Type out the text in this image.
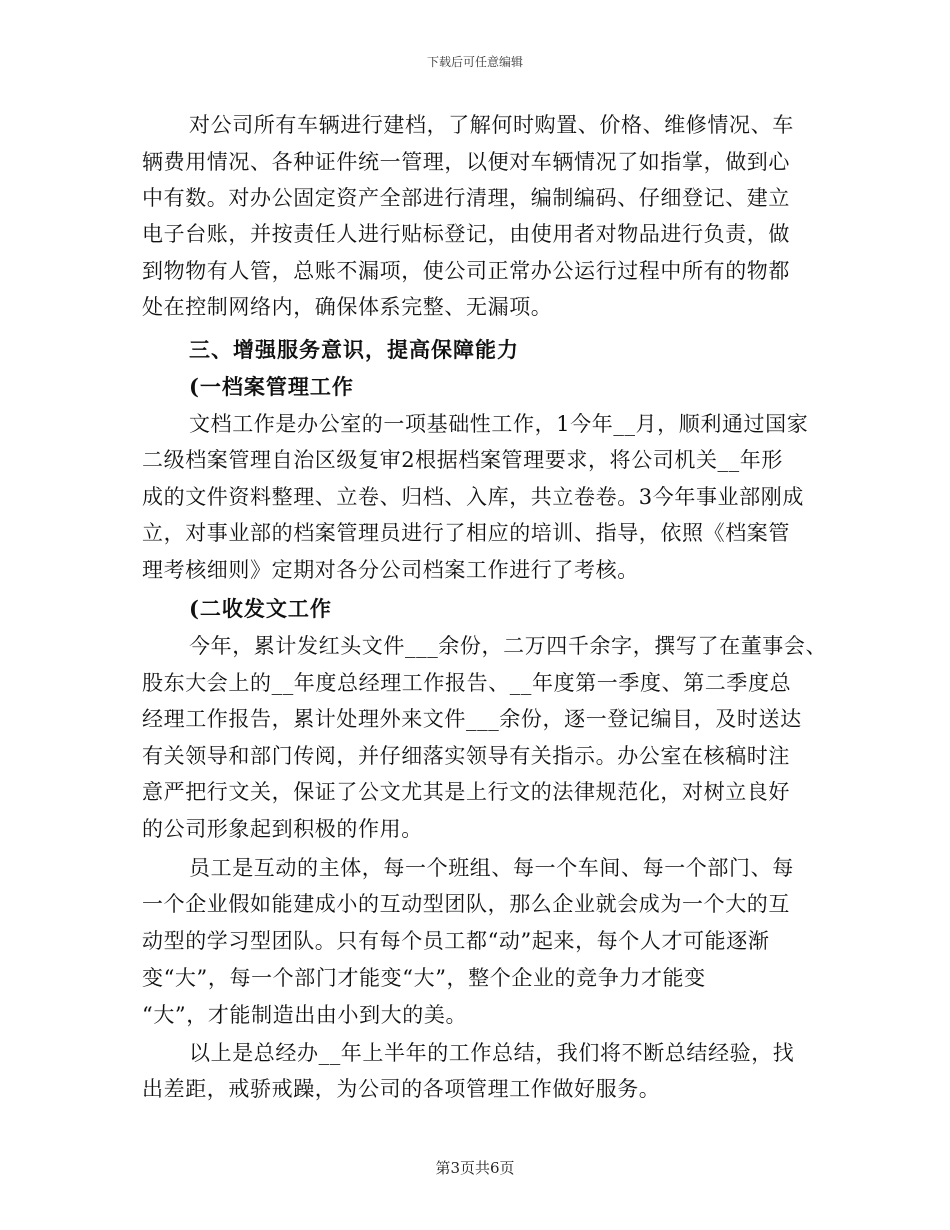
下载后可任意编辑
对公司所有车辆进行建档，了解何时购置、价格、维修情况、车
辆费用情况、各种证件统一管理，以便对车辆情况了如指掌，做到心
中有数。对办公固定资产全部进行清理，编制编码、仔细登记、建立
电子台账，并按责任人进行贴标登记，由使用者对物品进行负责，做
到物物有人管，总账不漏项，使公司正常办公运行过程中所有的物都
处在控制网络内，确保体系完整、无漏项。
三、增强服务意识，提高保障能力
(一档案管理工作
文档工作是办公室的一项基础性工作，1今年__月，顺利通过国家
二级档案管理自治区级复审2根据档案管理要求，将公司机关__年形
成的文件资料整理、立卷、归档、入库，共立卷卷。3今年事业部刚成
立，对事业部的档案管理员进行了相应的培训、指导，依照《档案管
理考核细则》定期对各分公司档案工作进行了考核。
(二收发文工作
今年，累计发红头文件___余份，二万四千余字，撰写了在董事会、
股东大会上的__年度总经理工作报告、__年度第一季度、第二季度总
经理工作报告，累计处理外来文件___余份，逐一登记编目，及时送达
有关领导和部门传阅，并仔细落实领导有关指示。办公室在核稿时注
意严把行文关，保证了公文尤其是上行文的法律规范化，对树立良好
的公司形象起到积极的作用。
员工是互动的主体，每一个班组、每一个车间、每一个部门、每
一个企业假如能建成小的互动型团队，那么企业就会成为一个大的互
动型的学习型团队。只有每个员工都“动”起来，每个人才可能逐渐
变“大”，每一个部门才能变“大”，整个企业的竞争力才能变
“大”，才能制造出由小到大的美。
以上是总经办__年上半年的工作总结，我们将不断总结经验，找
出差距，戒骄戒躁，为公司的各项管理工作做好服务。
第3页共6页
